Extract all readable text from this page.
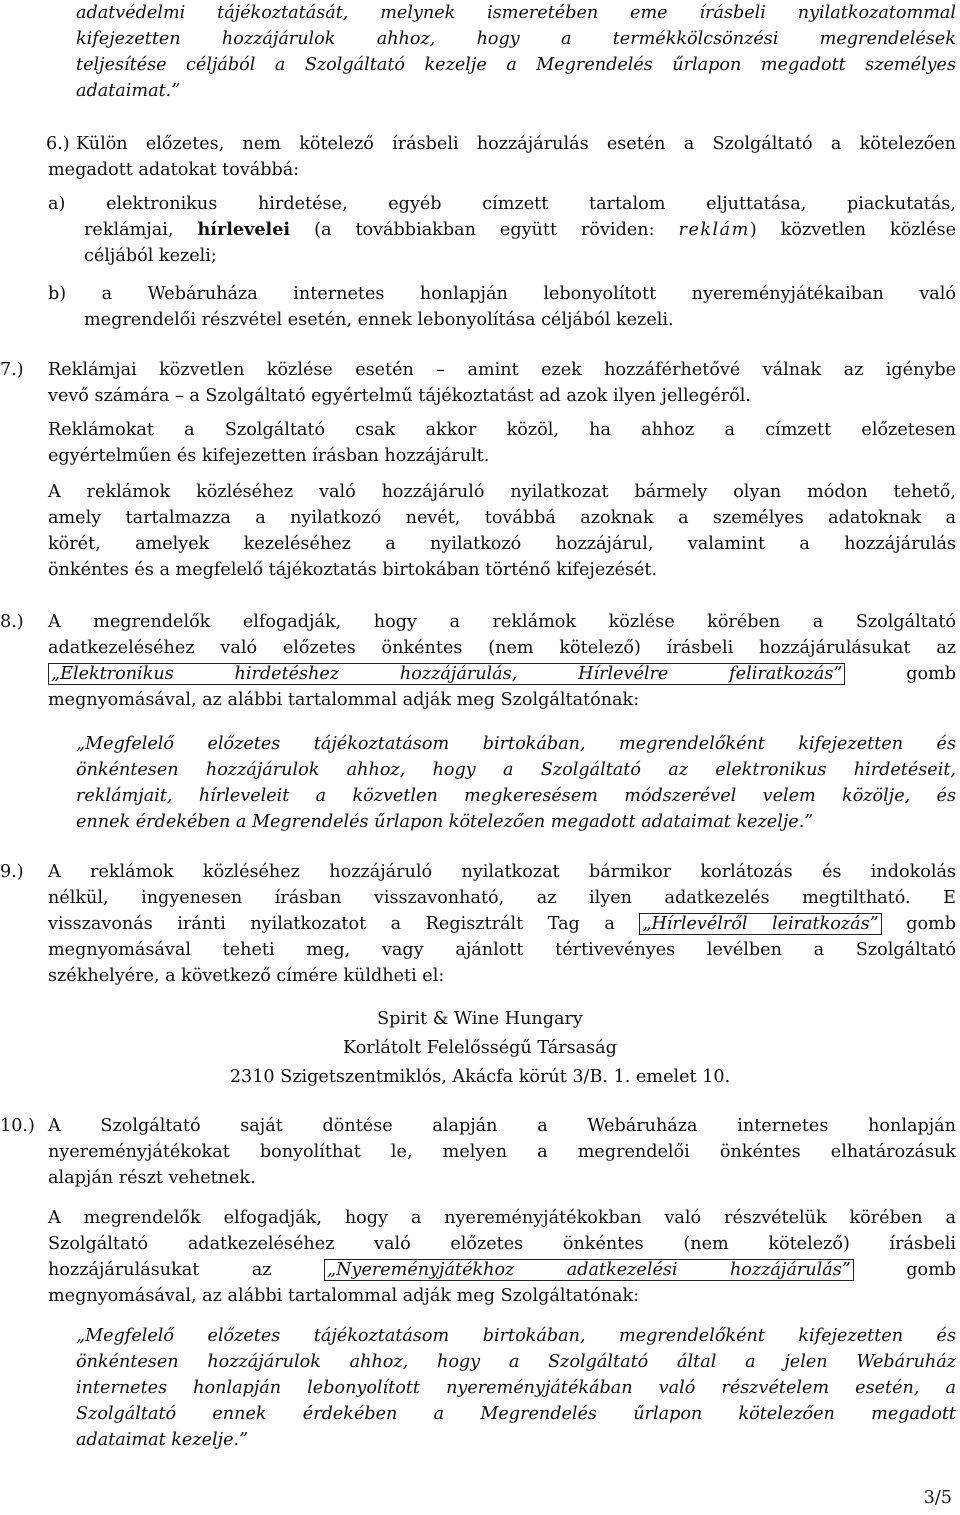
adatvédelmi tájékoztatását, melynek ismeretében eme írásbeli nyilatkozatommal
kifejezetten hozzájárulok ahhoz, hogy a termékkölcsönzési megrendelések
teljesítése céljából a Szolgáltató kezelje a Megrendelés űrlapon megadott személyes
adataimat.”
6.) Külön előzetes, nem kötelező írásbeli hozzájárulás esetén a Szolgáltató a kötelezően
megadott adatokat továbbá:
a) elektronikus hirdetése, egyéb címzett tartalom eljuttatása, piackutatás,
reklámjai, hírlevelei (a továbbiakban együtt röviden: reklám) közvetlen közlése
céljából kezeli;
b) a Webáruháza internetes honlapján lebonyolított nyereményjátékaiban való
megrendelői részvétel esetén, ennek lebonyolítása céljából kezeli.
7.) Reklámjai közvetlen közlése esetén – amint ezek hozzáférhetővé válnak az igénybe
vevő számára – a Szolgáltató egyértelmű tájékoztatást ad azok ilyen jellegéről.
Reklámokat a Szolgáltató csak akkor közöl, ha ahhoz a címzett előzetesen
egyértelműen és kifejezetten írásban hozzájárult.
A reklámok közléséhez való hozzájáruló nyilatkozat bármely olyan módon tehető,
amely tartalmazza a nyilatkozó nevét, továbbá azoknak a személyes adatoknak a
körét, amelyek kezeléséhez a nyilatkozó hozzájárul, valamint a hozzájárulás
önkéntes és a megfelelő tájékoztatás birtokában történő kifejezését.
8.) A megrendelők elfogadják, hogy a reklámok közlése körében a Szolgáltató
adatkezeléséhez való előzetes önkéntes (nem kötelező) írásbeli hozzájárulásukat az
„Elektronikus hirdetéshez hozzájárulás, Hírlevélre feliratkozás”	gomb
megnyomásával, az alábbi tartalommal adják meg Szolgáltatónak:
„Megfelelő előzetes tájékoztatásom birtokában, megrendelőként kifejezetten és
önkéntesen hozzájárulok ahhoz, hogy a Szolgáltató az elektronikus hirdetéseit,
reklámjait, hírleveleit a közvetlen megkeresésem módszerével velem közölje, és
ennek érdekében a Megrendelés űrlapon kötelezően megadott adataimat kezelje.”
9.) A reklámok közléséhez hozzájáruló nyilatkozat bármikor korlátozás és indokolás
nélkül, ingyenesen írásban visszavonható, az ilyen adatkezelés megtiltható. E
visszavonás iránti nyilatkozatot a Regisztrált Tag a „Hírlevélről leiratkozás” gomb
megnyomásával teheti meg, vagy ajánlott tértivevényes levélben a Szolgáltató
székhelyére, a következő címére küldheti el:
Spirit & Wine Hungary
Korlátolt Felelősségű Társaság
2310 Szigetszentmiklós, Akácfa körút 3/B. 1. emelet 10.
10.) A Szolgáltató saját döntése alapján a Webáruháza internetes honlapján
nyereményjátékokat bonyolíthat le, melyen a megrendelői önkéntes elhatározásuk
alapján részt vehetnek.
A megrendelők elfogadják, hogy a nyereményjátékokban való részvételük körében a
Szolgáltató adatkezeléséhez való előzetes önkéntes (nem kötelező) írásbeli
hozzájárulásukat az	„Nyereményjátékhoz adatkezelési hozzájárulás”	gomb
megnyomásával, az alábbi tartalommal adják meg Szolgáltatónak:
„Megfelelő előzetes tájékoztatásom birtokában, megrendelőként kifejezetten és
önkéntesen hozzájárulok ahhoz, hogy a Szolgáltató által a jelen Webáruház
internetes honlapján lebonyolított nyereményjátékában való részvételem esetén, a
Szolgáltató ennek érdekében a Megrendelés űrlapon kötelezően megadott
adataimat kezelje.”
3/5
